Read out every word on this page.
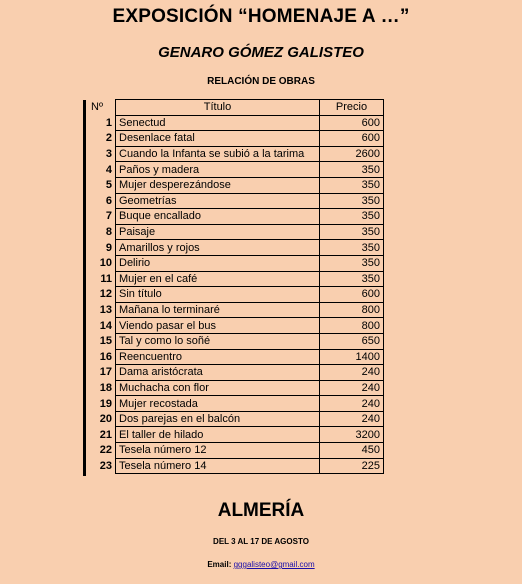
EXPOSICIÓN “HOMENAJE A …”
GENARO GÓMEZ GALISTEO
RELACIÓN DE OBRAS
Nº	Título	Precio
1	Senectud	600
2	Desenlace fatal	600
3	Cuando la Infanta se subió a la tarima	2600
4	Paños y madera	350
5	Mujer desperezándose	350
6	Geometrías	350
7	Buque encallado	350
8	Paisaje	350
9	Amarillos y rojos	350
10	Delirio	350
11	Mujer en el café	350
12	Sin título	600
13	Mañana lo terminaré	800
14	Viendo pasar el bus	800
15	Tal y como lo soñé	650
16	Reencuentro	1400
17	Dama aristócrata	240
18	Muchacha con flor	240
19	Mujer recostada	240
20	Dos parejas en el balcón	240
21	El taller de hilado	3200
22	Tesela número 12	450
23	Tesela número 14	225
ALMERÍA
DEL 3 AL 17 DE AGOSTO
Email: gggalisteo@gmail.com
